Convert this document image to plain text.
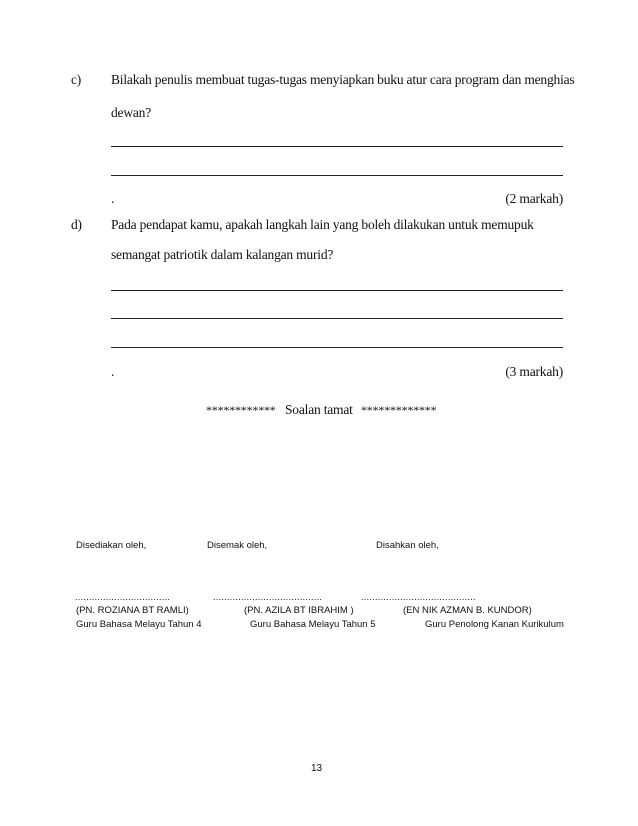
c) Bilakah penulis membuat tugas-tugas menyiapkan buku atur cara program dan menghias
dewan?
.	(2 markah)
d) Pada pendapat kamu, apakah langkah lain yang boleh dilakukan untuk memupuk
semangat patriotik dalam kalangan murid?
.	(3 markah)
************ Soalan tamat *************
Disediakan oleh,	Disemak oleh,	Disahkan oleh,
..................................	.......................................	.........................................
(PN. ROZIANA BT RAMLI)	(PN. AZILA BT IBRAHIM )	(EN NIK AZMAN B. KUNDOR)
Guru Bahasa Melayu Tahun 4	Guru Bahasa Melayu Tahun 5	Guru Penolong Kanan Kurikulum
13
